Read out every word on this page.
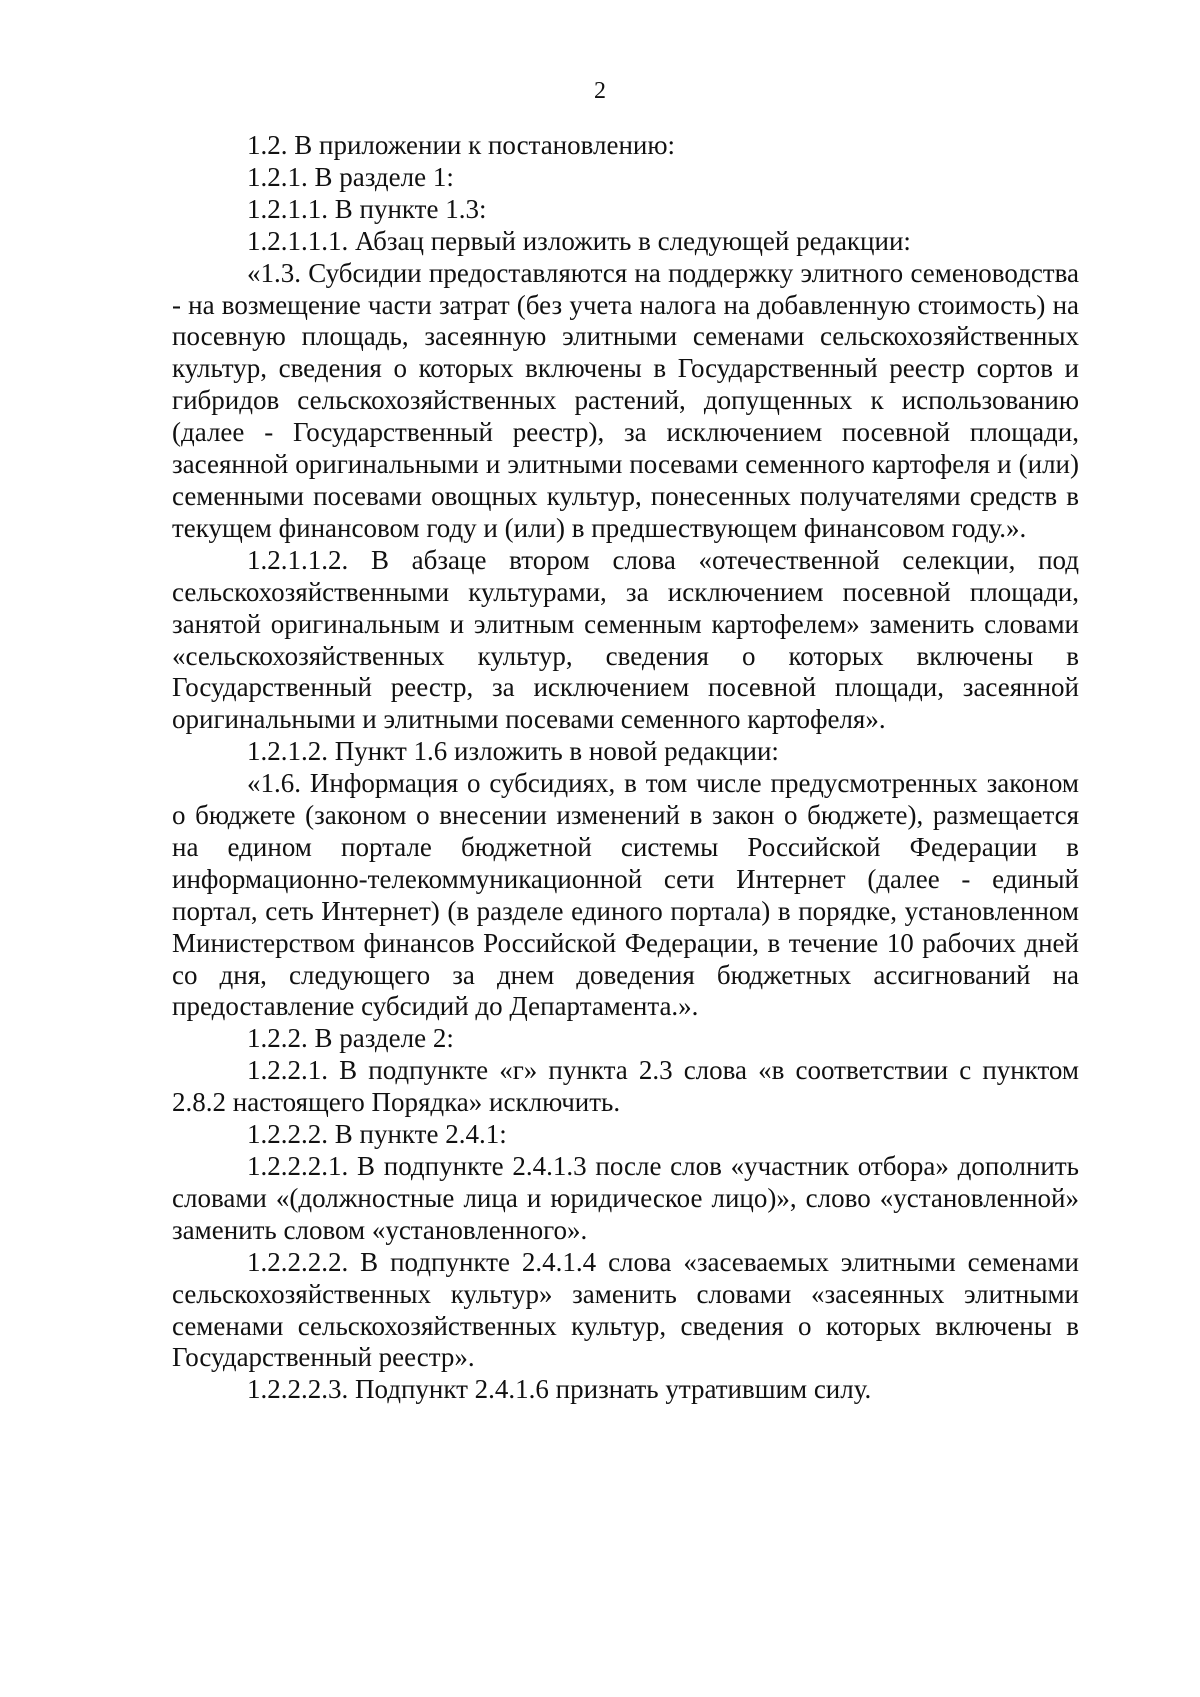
2

1.2. В приложении к постановлению:

1.2.1. В разделе 1:

1.2.1.1. В пункте 1.3:

1.2.1.1.1. Абзац первый изложить в следующей редакции:

«1.3. Субсидии предоставляются на поддержку элитного семеноводства - на возмещение части затрат (без учета налога на добавленную стоимость) на посевную площадь, засеянную элитными семенами сельскохозяйственных культур, сведения о которых включены в Государственный реестр сортов и гибридов сельскохозяйственных растений, допущенных к использованию (далее - Государственный реестр), за исключением посевной площади, засеянной оригинальными и элитными посевами семенного картофеля и (или) семенными посевами овощных культур, понесенных получателями средств в текущем финансовом году и (или) в предшествующем финансовом году.».

1.2.1.1.2. В абзаце втором слова «отечественной селекции, под сельскохозяйственными культурами, за исключением посевной площади, занятой оригинальным и элитным семенным картофелем» заменить словами «сельскохозяйственных культур, сведения о которых включены в Государственный реестр, за исключением посевной площади, засеянной оригинальными и элитными посевами семенного картофеля».

1.2.1.2. Пункт 1.6 изложить в новой редакции:

«1.6. Информация о субсидиях, в том числе предусмотренных законом о бюджете (законом о внесении изменений в закон о бюджете), размещается на едином портале бюджетной системы Российской Федерации в информационно-телекоммуникационной сети Интернет (далее - единый портал, сеть Интернет) (в разделе единого портала) в порядке, установленном Министерством финансов Российской Федерации, в течение 10 рабочих дней со дня, следующего за днем доведения бюджетных ассигнований на предоставление субсидий до Департамента.».

1.2.2. В разделе 2:

1.2.2.1. В подпункте «г» пункта 2.3 слова «в соответствии с пунктом 2.8.2 настоящего Порядка» исключить.

1.2.2.2. В пункте 2.4.1:

1.2.2.2.1. В подпункте 2.4.1.3 после слов «участник отбора» дополнить словами «(должностные лица и юридическое лицо)», слово «установленной» заменить словом «установленного».

1.2.2.2.2. В подпункте 2.4.1.4 слова «засеваемых элитными семенами сельскохозяйственных культур» заменить словами «засеянных элитными семенами сельскохозяйственных культур, сведения о которых включены в Государственный реестр».

1.2.2.2.3. Подпункт 2.4.1.6 признать утратившим силу.
